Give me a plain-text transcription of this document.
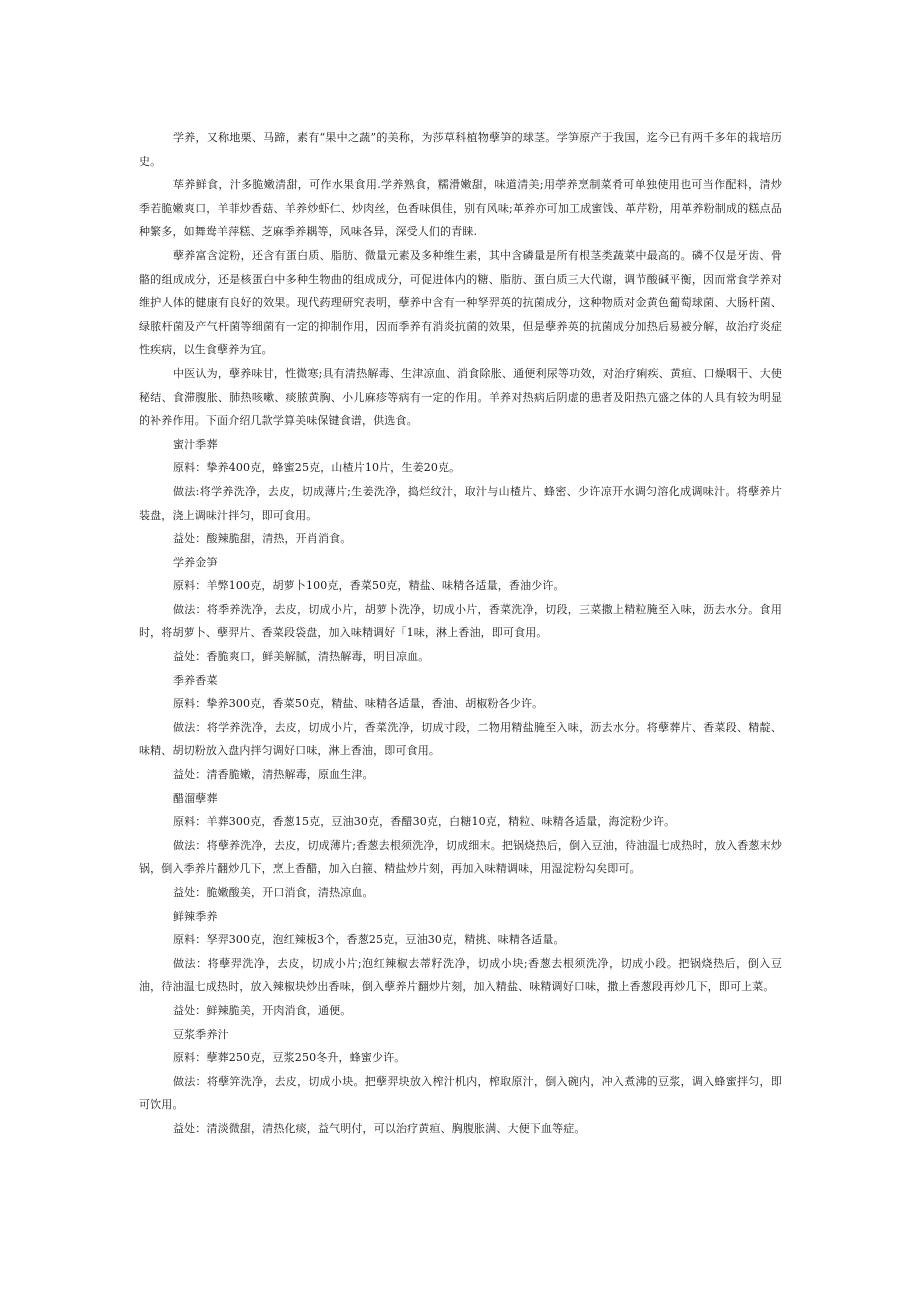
学养，又称地栗、马蹄，素有“果中之蔬”的美称，为莎草科植物孽笋的球茎。学笋原产于我国，迄今已有两千多年的栽培历史。

荜养鲜食，汁多脆嫩清甜，可作水果食用.学养熟食，糯滑嫩甜，味道清美;用荸养烹制菜肴可单独使用也可当作配料，清炒季若脆嫩爽口，羊菲炒香菇、羊养炒虾仁、炒肉丝，色香味俱佳，别有风味;革养亦可加工成蜜饯、革芹粉，用革养粉制成的糕点品种繁多，如舞鸯羊萍糕、芝麻季养耦等，风味各异，深受人们的青睐.

孽养富含淀粉，还含有蛋白质、脂肪、微量元素及多种维生素，其中含磷量是所有根茎类蔬菜中最高的。磷不仅是牙齿、骨骼的组成成分，还是核蛋白中多种生物曲的组成成分，可促进体内的糖、脂肪、蛋白质三大代谢，调节酸碱平衡，因而常食学养对维护人体的健康有良好的效果。现代药理研究表明，孽养中含有一种孥羿英的抗菌成分，这种物质对金黄色葡萄球菌、大肠杆菌、绿脓杆菌及产气杆菌等细菌有一定的抑制作用，因而季养有消炎抗菌的效果，但是孽养英的抗菌成分加热后易被分解，故治疗炎症性疾病，以生食孽养为宜。

中医认为，孽养味甘，性微寒;具有清热解毒、生津凉血、消食除胀、通便利尿等功效，对治疗痢疾、黄疸、口燥咽干、大使秘结、食滞腹胀、肺热咳嗽、痰脓黄胸、小儿麻疹等病有一定的作用。羊养对热病后阴虚的患者及阳热亢盛之体的人具有较为明显的补养作用。下面介绍几款学算美味保键食谱，供选食。

蜜汁季葬

原料：挚养400克，蜂蜜25克，山楂片10片，生姜20克。

做法:将学养洗净，去皮，切成薄片;生姜洗净，捣烂纹汁，取汁与山楂片、蜂密、少许凉开水调匀溶化成调味汁。将孽养片装盘，浇上调味汁拌匀，即可食用。

益处：酸辣脆甜，清热，开肖消食。

学养金笋

原料：羊弊100克，胡萝卜100克，香菜50克，精盐、味精各适量，香油少许。

做法：将季养洗净，去皮，切成小片，胡萝卜洗净，切成小片，香菜洗净，切段，三菜撒上精粒腌至入味，沥去水分。食用时，将胡萝卜、孽羿片、香菜段袋盘，加入味精调好「1味，淋上香油，即可食用。

益处：香脆爽口，鲜美解腻，清热解毒，明目凉血。

季养香菜

原料：挚养300克，香菜50克，精盐、味精各适量，香油、胡椒粉各少许。

做法：将学养洗净，去皮，切成小片，香菜洗净，切成寸段，二物用精盐腌至入味，沥去水分。将孽葬片、香菜段、精靛、味精、胡切粉放入盘内拌匀调好口味，淋上香油，即可食用。

益处：清香脆嫩，清热解毒，原血生津。

醋溜孽葬

原料：羊葬300克，香葱15克，豆油30克，香醋30克，白糖10克，精粒、味精各适量，海淀粉少许。

做法：将孽养洗净，去皮，切成薄片;香葱去根须洗净，切成细末。把锅烧热后，倒入豆油，待油温七成热时，放入香葱末炒锅，倒入季养片翻炒几下，烹上香醋，加入白箍、精盐炒片刻，再加入味精调味，用湿淀粉勾矣即可。

益处：脆嫩酸美，开口消食，清热凉血。

鲜辣季养

原料：孥羿300克，泡红辣板3个，香葱25克，豆油30克，精挑、味精各适量。

做法：将孽羿洗净，去皮，切成小片;泡红辣椒去蒂籽洗净，切成小块;香葱去根须洗净，切成小段。把锅烧热后，倒入豆油，待油温七成热时，放入辣椒块炒出香味，倒入孽养片翻炒片刻，加入精盐、味精调好口味，撒上香葱段再炒几下，即可上菜。

益处：鲜辣脆美，开肉消食，通便。

豆浆季养汁

原料：孽葬250克，豆浆250冬升，蜂蜜少许。

做法：将孽笄洗净，去皮，切成小块。把孽羿块放入榨汁机内，榨取原汁，倒入碗内，冲入煮沸的豆浆，调入蜂蜜拌匀，即可饮用。

益处：清淡微甜，清热化痰，益气明付，可以治疗黄疸、胸腹胀满、大便下血等症。
